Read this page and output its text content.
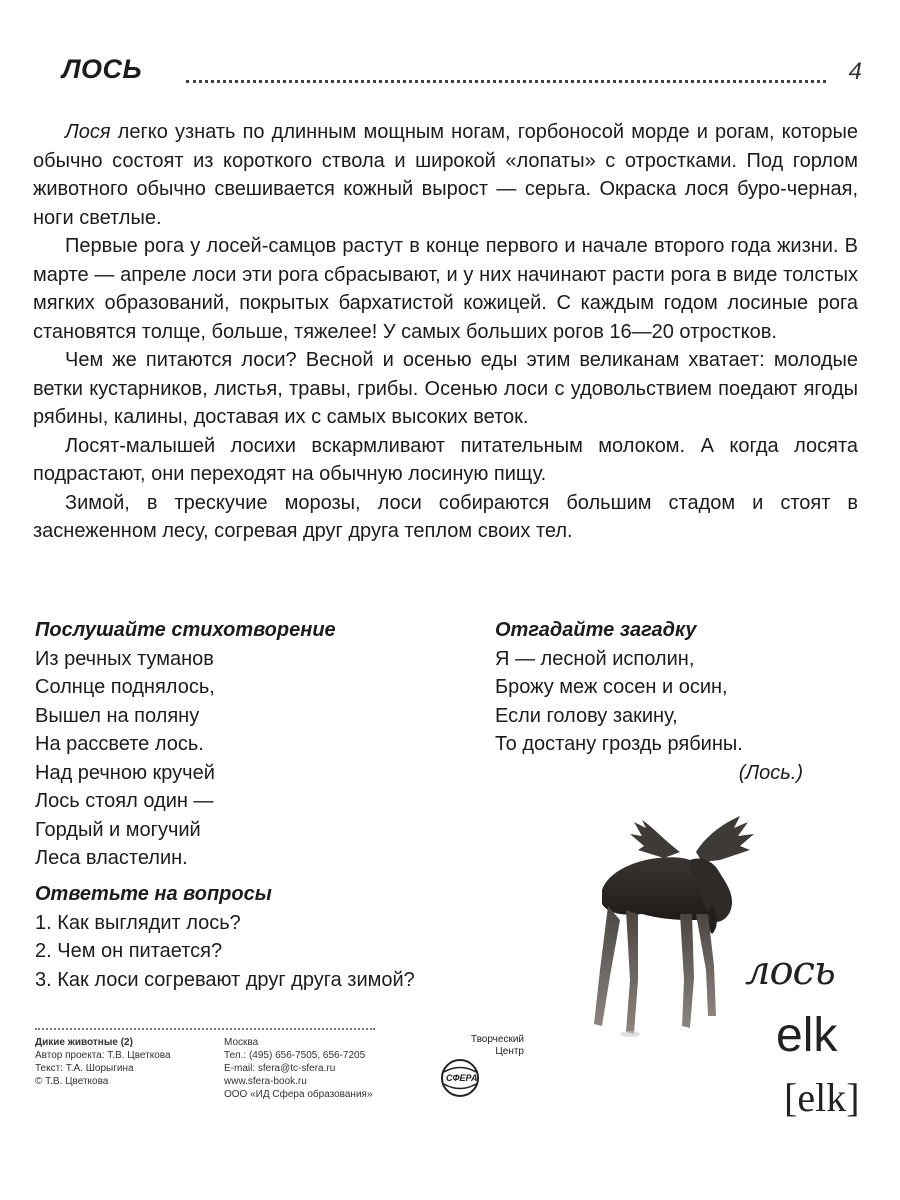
ЛОСЬ	4

Лося легко узнать по длинным мощным ногам, горбоносой морде и рогам, которые обычно состоят из короткого ствола и широкой «лопаты» с отростками. Под горлом животного обычно свешивается кожный вырост — серьга. Окраска лося буро-черная, ноги светлые.

Первые рога у лосей-самцов растут в конце первого и начале второго года жизни. В марте — апреле лоси эти рога сбрасывают, и у них начинают расти рога в виде толстых мягких образований, покрытых бархатистой кожицей. С каждым годом лосиные рога становятся толще, больше, тяжелее! У самых больших рогов 16—20 отростков.

Чем же питаются лоси? Весной и осенью еды этим великанам хватает: молодые ветки кустарников, листья, травы, грибы. Осенью лоси с удовольствием поедают ягоды рябины, калины, доставая их с самых высоких веток.

Лосят-малышей лосихи вскармливают питательным молоком. А когда лосята подрастают, они переходят на обычную лосиную пищу.

Зимой, в трескучие морозы, лоси собираются большим стадом и стоят в заснеженном лесу, согревая друг друга теплом своих тел.

Послушайте стихотворение
Из речных туманов
Солнце поднялось,
Вышел на поляну
На рассвете лось.
Над речною кручей
Лось стоял один —
Гордый и могучий
Леса властелин.
Отгадайте загадку
Я — лесной исполин,
Брожу меж сосен и осин,
Если голову закину,
То достану гроздь рябины.
(Лось.)
Ответьте на вопросы
1. Как выглядит лось?
2. Чем он питается?
3. Как лоси согревают друг друга зимой?	лось
elk
[elk]
Дикие животные (2)
Автор проекта: Т.В. Цветкова
Текст: Т.А. Шорыгина
© Т.В. Цветкова
Москва
Тел.: (495) 656-7505, 656-7205
E-mail: sfera@tc-sfera.ru
www.sfera-book.ru
ООО «ИД Сфера образования»
Творческий
Центр
СФЕРА
